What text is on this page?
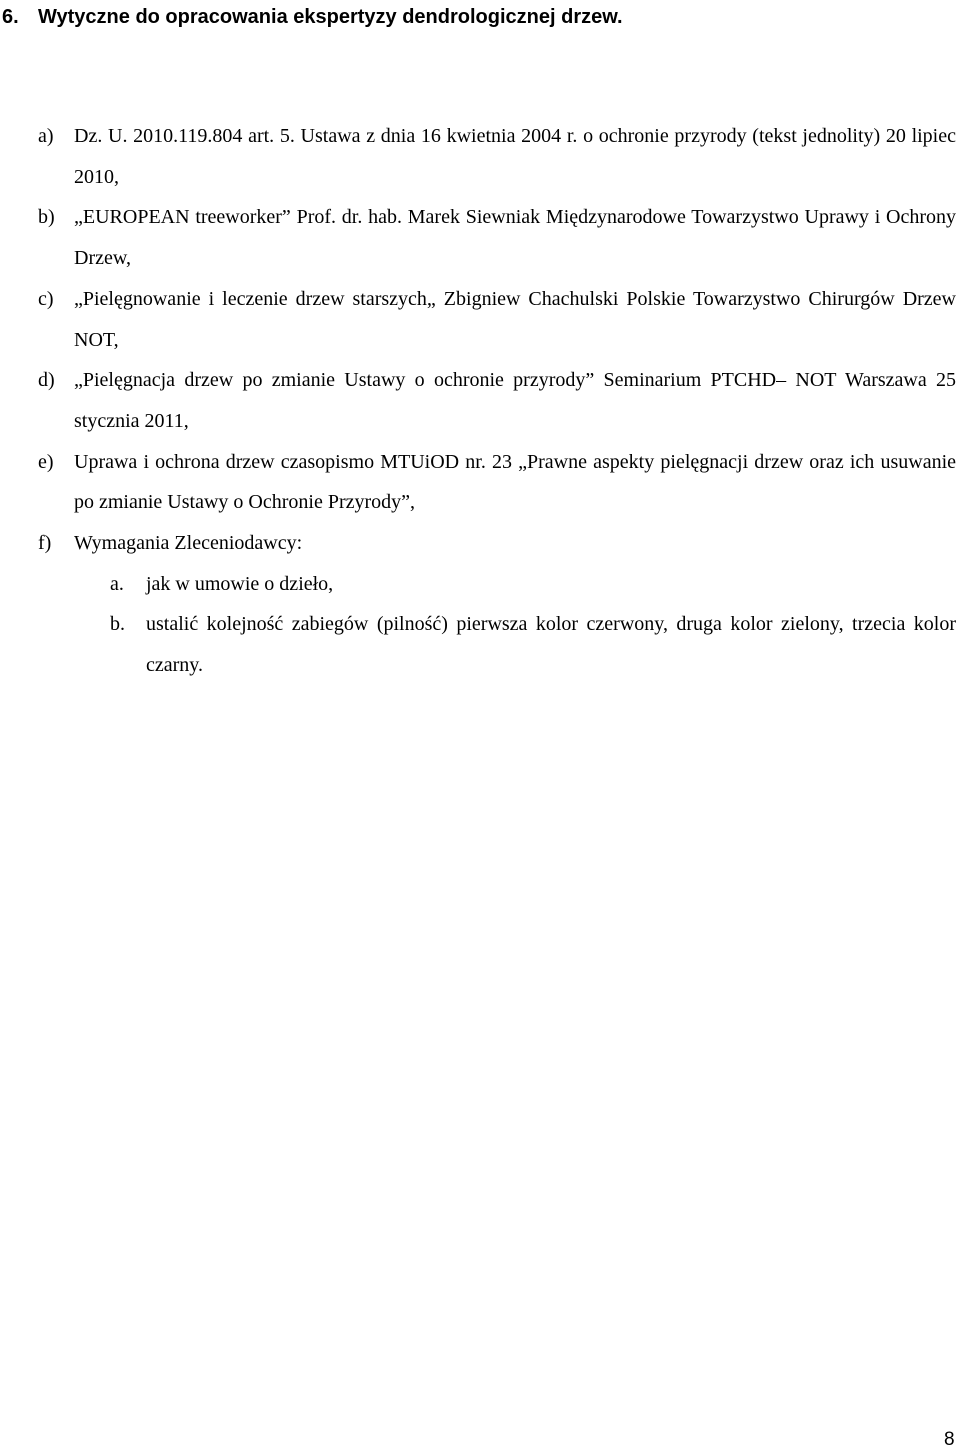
6. Wytyczne do opracowania ekspertyzy dendrologicznej drzew.
a) Dz. U. 2010.119.804 art. 5. Ustawa z dnia 16 kwietnia 2004 r. o ochronie przyrody (tekst jednolity) 20 lipiec 2010,
b) „EUROPEAN treeworker” Prof. dr. hab. Marek Siewniak Międzynarodowe Towarzystwo Uprawy i Ochrony Drzew,
c) „Pielęgnowanie i leczenie drzew starszych„ Zbigniew Chachulski Polskie Towarzystwo Chirurgów Drzew NOT,
d) „Pielęgnacja drzew po zmianie Ustawy o ochronie przyrody” Seminarium PTCHD– NOT Warszawa 25 stycznia 2011,
e) Uprawa i ochrona drzew czasopismo MTUiOD nr. 23 „Prawne aspekty pielęgnacji drzew oraz ich usuwanie po zmianie Ustawy o Ochronie Przyrody”,
f) Wymagania Zleceniodawcy:
a. jak w umowie o dzieło,
b. ustalić kolejność zabiegów (pilność) pierwsza kolor czerwony, druga kolor zielony, trzecia kolor czarny.
8
